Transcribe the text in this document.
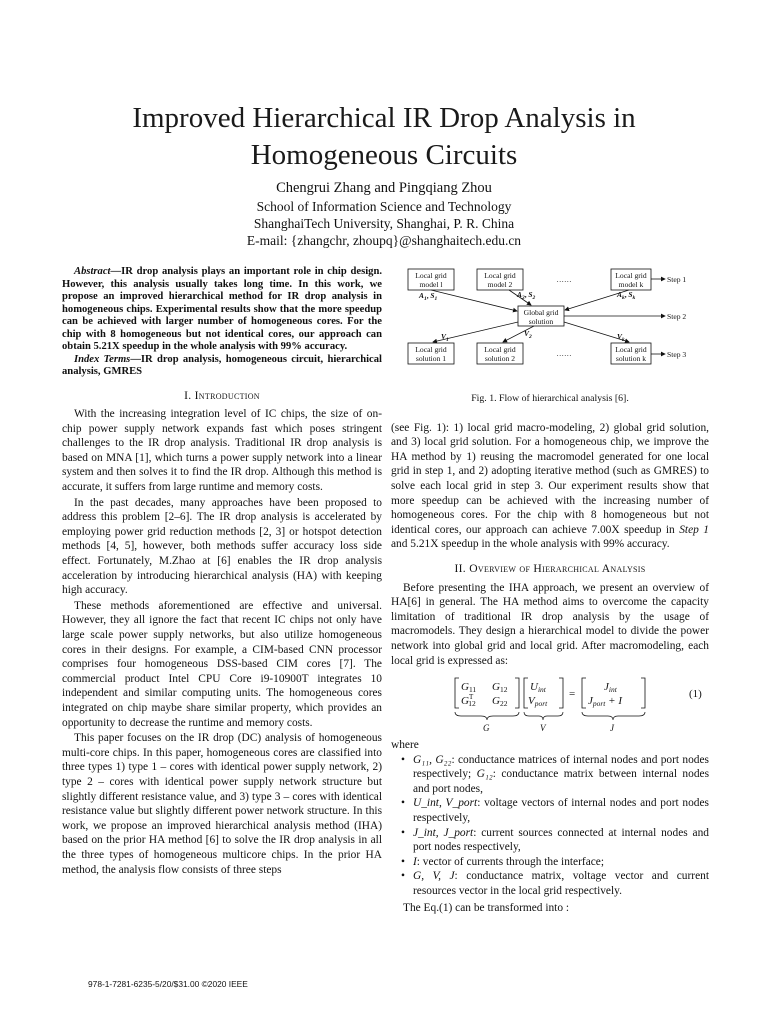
Improved Hierarchical IR Drop Analysis in
Homogeneous Circuits
Chengrui Zhang and Pingqiang Zhou
School of Information Science and Technology
ShanghaiTech University, Shanghai, P. R. China
E-mail: {zhangchr, zhoupq}@shanghaitech.edu.cn

Abstract—IR drop analysis plays an important role in chip design. However, this analysis usually takes long time. In this work, we propose an improved hierarchical method for IR drop analysis in homogeneous chips. Experimental results show that the more speedup can be achieved with larger number of homogeneous cores. For the chip with 8 homogeneous but not identical cores, our approach can obtain 5.21X speedup in the whole analysis with 99% accuracy.

Index Terms—IR drop analysis, homogeneous circuit, hierarchical analysis, GMRES

I. Introduction

With the increasing integration level of IC chips, the size of on-chip power supply network expands fast which poses stringent challenges to the IR drop analysis. Traditional IR drop analysis is based on MNA [1], which turns a power supply network into a linear system and then solves it to find the IR drop. Although this method is accurate, it suffers from large runtime and memory costs.

In the past decades, many approaches have been proposed to address this problem [2–6]. The IR drop analysis is accelerated by employing power grid reduction methods [2, 3] or hotspot detection methods [4, 5], however, both methods suffer accuracy loss side effect. Fortunately, M.Zhao at [6] enables the IR drop analysis acceleration by introducing hierarchical analysis (HA) with keeping high accuracy.

These methods aforementioned are effective and universal. However, they all ignore the fact that recent IC chips not only have large scale power supply networks, but also utilize homogeneous cores in their designs. For example, a CIM-based CNN processor comprises four homogeneous DSS-based CIM cores [7]. The commercial product Intel CPU Core i9-10900T integrates 10 independent and similar computing units. The homogeneous cores integrated on chip maybe share similar property, which provides an opportunity to decrease the runtime and memory costs.

This paper focuses on the IR drop (DC) analysis of homogeneous multi-core chips. In this paper, homogeneous cores are classified into three types 1) type 1 – cores with identical power supply network, 2) type 2 – cores with identical power supply network structure but slightly different resistance value, and 3) type 3 – cores with identical resistance value but slightly different power network structure. In this work, we propose an improved hierarchical analysis method (IHA) based on the prior HA method [6] to solve the IR drop analysis in all the three types of homogeneous multicore chips. In the prior HA method, the analysis flow consists of three steps

Local grid
model l
Local grid
model 2
……	Local grid
model k
Global grid
solution
Local grid
solution 1
Local grid
solution 2
……	Local grid
solution k
Step 1
Step 2
Step 3
$A_1$, $S_1$	$A_2$, $S_2$	$A_k$, $S_k$
$V_1$
$V_2$	$V_k$
Fig. 1. Flow of hierarchical analysis [6].

(see Fig. 1): 1) local grid macro-modeling, 2) global grid solution, and 3) local grid solution. For a homogeneous chip, we improve the HA method by 1) reusing the macromodel generated for one local grid in step 1, and 2) adopting iterative method (such as GMRES) to solve each local grid in step 3. Our experiment results show that more speedup can be achieved with the increasing number of homogeneous cores. For the chip with 8 homogeneous but not identical cores, our approach can achieve 7.00X speedup in Step 1 and 5.21X speedup in the whole analysis with 99% accuracy.

II. Overview of Hierarchical Analysis

Before presenting the IHA approach, we present an overview of HA[6] in general. The HA method aims to overcome the capacity limitation of traditional IR drop analysis by the usage of macromodels. They design a hierarchical model to divide the power network into global grid and local grid. After macromodeling, each local grid is expressed as:

G11 G12
$G^T$ 12 G22
Uint
Vport
=
Jint
Jport + I
G	V	J
(1)

where

• G₁₁, G₂₂: conductance matrices of internal nodes and port nodes respectively; G₁₂: conductance matrix between internal nodes and port nodes,
• U_int, V_port: voltage vectors of internal nodes and port nodes respectively,
• J_int, J_port: current sources connected at internal nodes and port nodes respectively,
• I: vector of currents through the interface;
• G, V, J: conductance matrix, voltage vector and current resources vector in the local grid respectively.

The Eq.(1) can be transformed into :

978-1-7281-6235-5/20/$31.00 ©2020 IEEE
